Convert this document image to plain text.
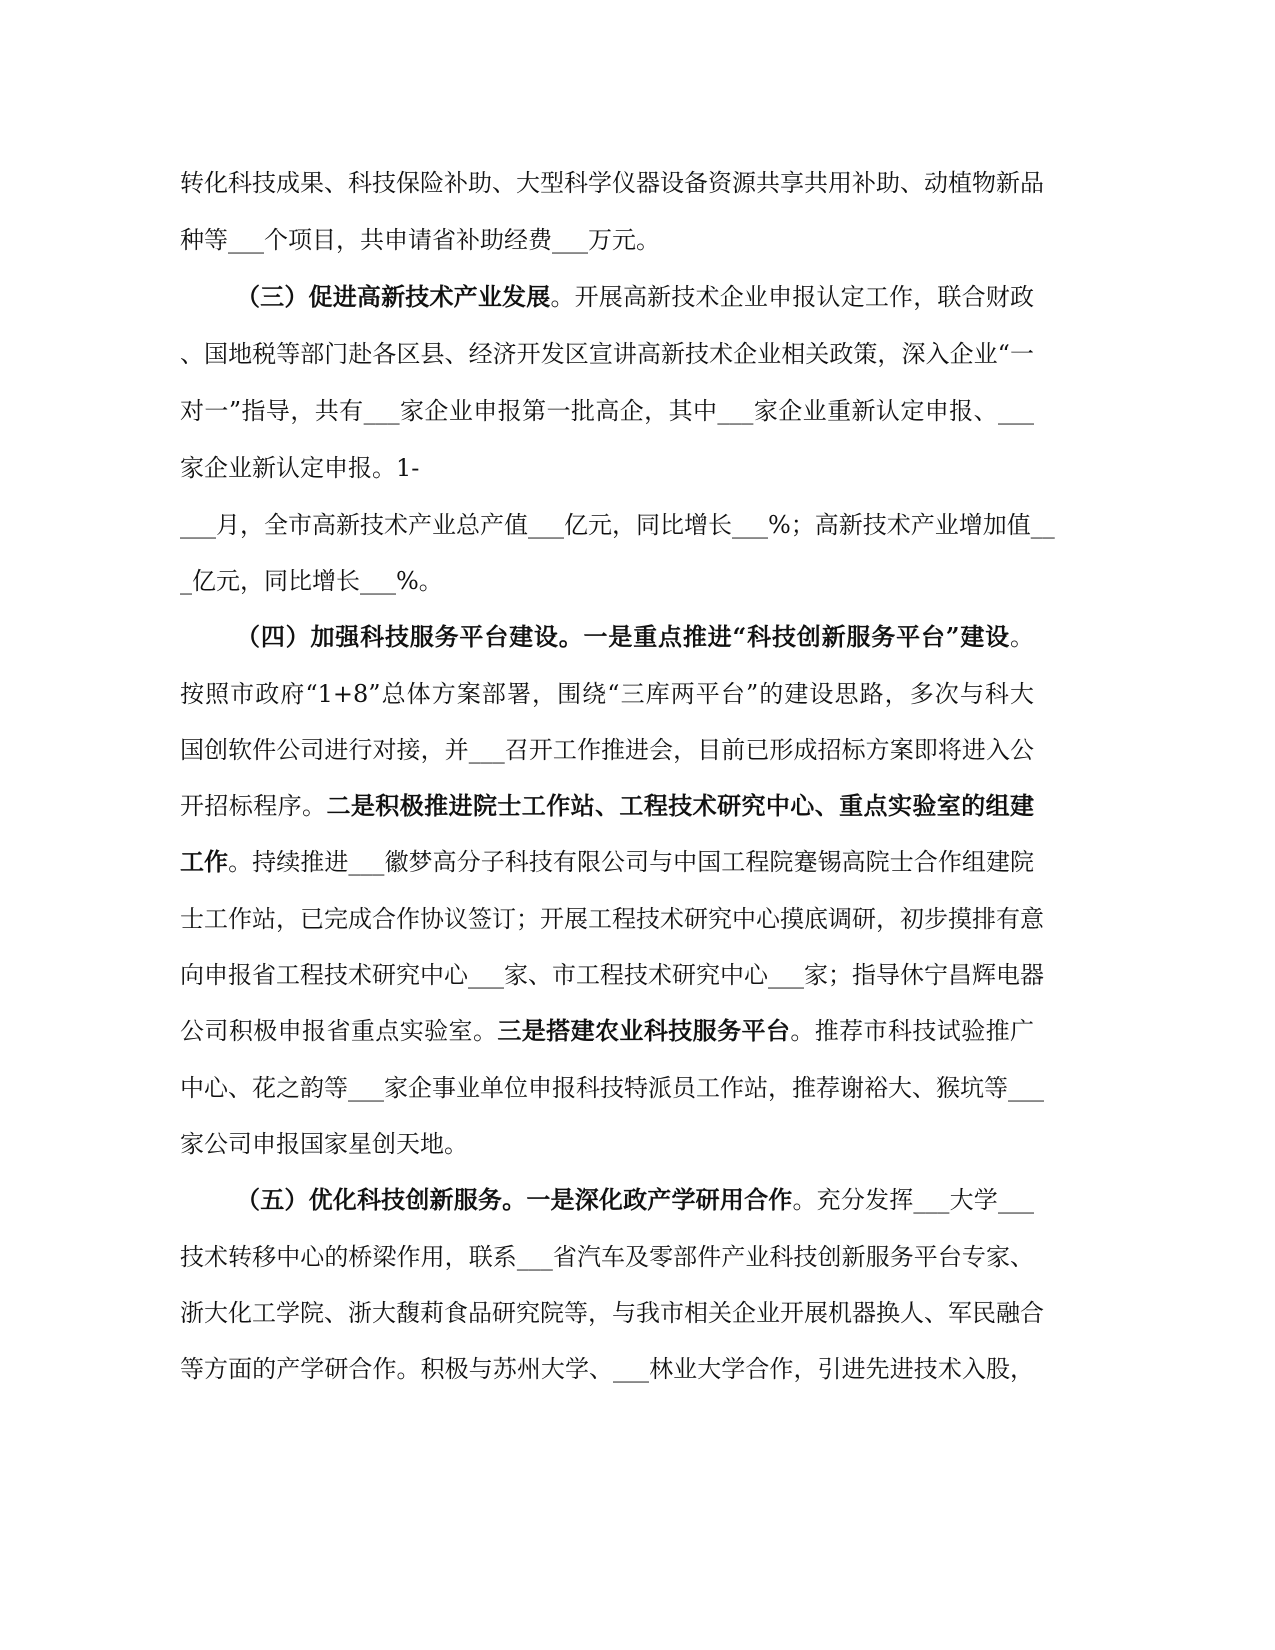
转化科技成果、科技保险补助、大型科学仪器设备资源共享共用补助、动植物新品
种等___个项目，共申请省补助经费___万元。
（三）促进高新技术产业发展。开展高新技术企业申报认定工作，联合财政
、国地税等部门赴各区县、经济开发区宣讲高新技术企业相关政策，深入企业“一
对一”指导，共有___家企业申报第一批高企，其中___家企业重新认定申报、___
家企业新认定申报。1-
___月，全市高新技术产业总产值___亿元，同比增长___%；高新技术产业增加值__
_亿元，同比增长___%。
（四）加强科技服务平台建设。一是重点推进“科技创新服务平台”建设。
按照市政府“1+8”总体方案部署，围绕“三库两平台”的建设思路，多次与科大
国创软件公司进行对接，并___召开工作推进会，目前已形成招标方案即将进入公
开招标程序。二是积极推进院士工作站、工程技术研究中心、重点实验室的组建
工作。持续推进___徽梦高分子科技有限公司与中国工程院蹇锡高院士合作组建院
士工作站，已完成合作协议签订；开展工程技术研究中心摸底调研，初步摸排有意
向申报省工程技术研究中心___家、市工程技术研究中心___家；指导休宁昌辉电器
公司积极申报省重点实验室。三是搭建农业科技服务平台。推荐市科技试验推广
中心、花之韵等___家企事业单位申报科技特派员工作站，推荐谢裕大、猴坑等___
家公司申报国家星创天地。
（五）优化科技创新服务。一是深化政产学研用合作。充分发挥___大学___
技术转移中心的桥梁作用，联系___省汽车及零部件产业科技创新服务平台专家、
浙大化工学院、浙大馥莉食品研究院等，与我市相关企业开展机器换人、军民融合
等方面的产学研合作。积极与苏州大学、___林业大学合作，引进先进技术入股，
